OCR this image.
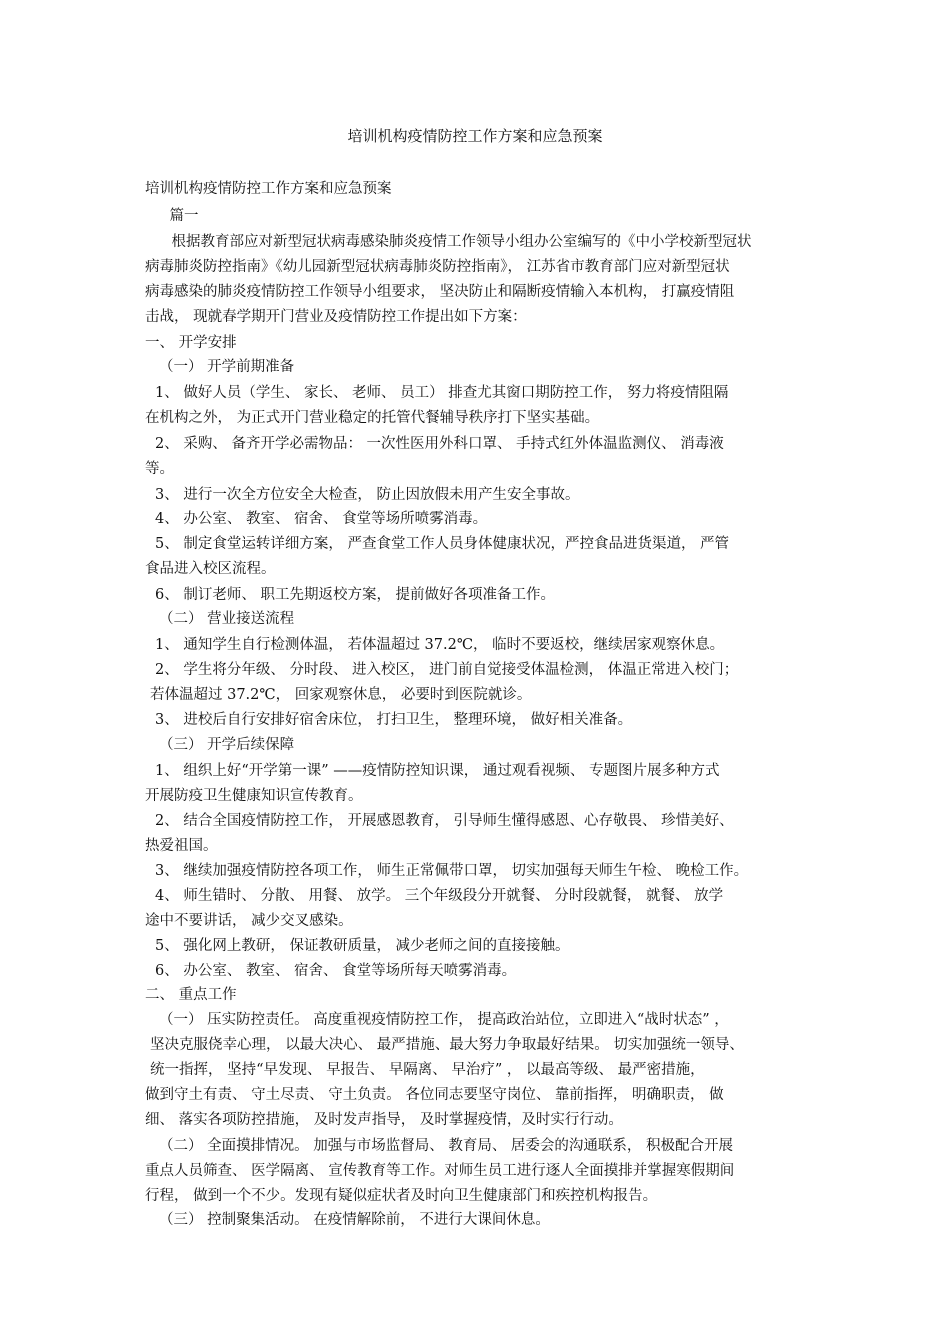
培训机构疫情防控工作方案和应急预案
培训机构疫情防控工作方案和应急预案
　篇一
　根据教育部应对新型冠状病毒感染肺炎疫情工作领导小组办公室编写的《中小学校新型冠状
病毒肺炎防控指南》《幼儿园新型冠状病毒肺炎防控指南》， 江苏省市教育部门应对新型冠状
病毒感染的肺炎疫情防控工作领导小组要求， 坚决防止和隔断疫情输入本机构， 打赢疫情阻
击战， 现就春学期开门营业及疫情防控工作提出如下方案：
一、 开学安排
（一） 开学前期准备
1、 做好人员（学生、 家长、 老师、 员工） 排查尤其窗口期防控工作， 努力将疫情阻隔
在机构之外， 为正式开门营业稳定的托管代餐辅导秩序打下坚实基础。
2、 采购、 备齐开学必需物品： 一次性医用外科口罩、 手持式红外体温监测仪、 消毒液
等。
3、 进行一次全方位安全大检查， 防止因放假未用产生安全事故。
4、 办公室、 教室、 宿舍、 食堂等场所喷雾消毒。
5、 制定食堂运转详细方案， 严查食堂工作人员身体健康状况，严控食品进货渠道， 严管
食品进入校区流程。
6、 制订老师、 职工先期返校方案， 提前做好各项准备工作。
（二） 营业接送流程
1、 通知学生自行检测体温， 若体温超过 37.2℃， 临时不要返校，继续居家观察休息。
2、 学生将分年级、 分时段、 进入校区， 进门前自觉接受体温检测， 体温正常进入校门；
若体温超过 37.2℃， 回家观察休息， 必要时到医院就诊。
3、 进校后自行安排好宿舍床位， 打扫卫生， 整理环境， 做好相关准备。
（三） 开学后续保障
1、 组织上好“开学第一课” ——疫情防控知识课， 通过观看视频、 专题图片展多种方式
开展防疫卫生健康知识宣传教育。
2、 结合全国疫情防控工作， 开展感恩教育， 引导师生懂得感恩、心存敬畏、 珍惜美好、
热爱祖国。
3、 继续加强疫情防控各项工作， 师生正常佩带口罩， 切实加强每天师生午检、 晚检工作。
4、 师生错时、 分散、 用餐、 放学。 三个年级段分开就餐、 分时段就餐， 就餐、 放学
途中不要讲话， 减少交叉感染。
5、 强化网上教研， 保证教研质量， 减少老师之间的直接接触。
6、 办公室、 教室、 宿舍、 食堂等场所每天喷雾消毒。
二、 重点工作
（一） 压实防控责任。 高度重视疫情防控工作， 提高政治站位，立即进入“战时状态” ，
坚决克服侥幸心理， 以最大决心、 最严措施、最大努力争取最好结果。 切实加强统一领导、
统一指挥， 坚持“早发现、 早报告、 早隔离、 早治疗” ， 以最高等级、 最严密措施，
做到守土有责、 守土尽责、 守土负责。 各位同志要坚守岗位、 靠前指挥， 明确职责， 做
细、 落实各项防控措施， 及时发声指导， 及时掌握疫情，及时实行行动。
（二） 全面摸排情况。 加强与市场监督局、 教育局、 居委会的沟通联系， 积极配合开展
重点人员筛查、 医学隔离、 宣传教育等工作。对师生员工进行逐人全面摸排并掌握寒假期间
行程， 做到一个不少。发现有疑似症状者及时向卫生健康部门和疾控机构报告。
（三） 控制聚集活动。 在疫情解除前， 不进行大课间休息。
